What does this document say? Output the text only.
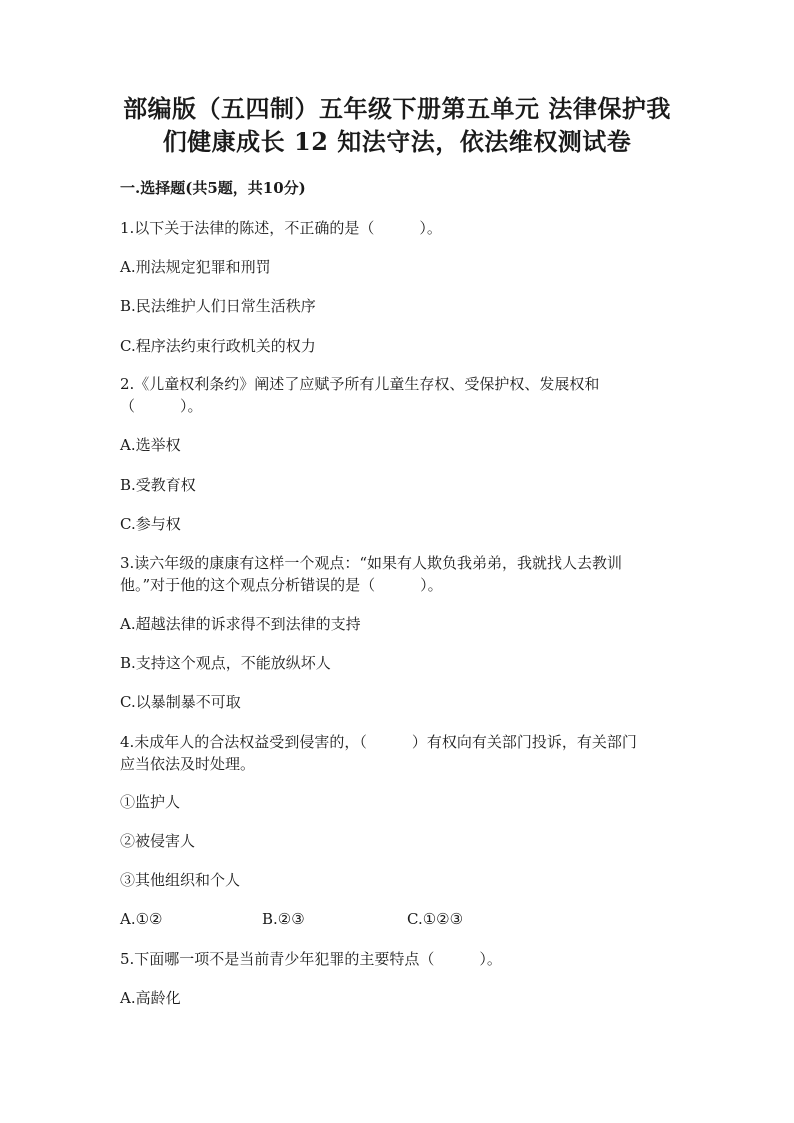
部编版（五四制）五年级下册第五单元 法律保护我
们健康成长 12 知法守法，依法维权测试卷
一.选择题(共5题，共10分)
1.以下关于法律的陈述，不正确的是（　　　）。
A.刑法规定犯罪和刑罚
B.民法维护人们日常生活秩序
C.程序法约束行政机关的权力
2.《儿童权利条约》阐述了应赋予所有儿童生存权、受保护权、发展权和
（　　　）。
A.选举权
B.受教育权
C.参与权
3.读六年级的康康有这样一个观点：“如果有人欺负我弟弟，我就找人去教训
他。”对于他的这个观点分析错误的是（　　　）。
A.超越法律的诉求得不到法律的支持
B.支持这个观点，不能放纵坏人
C.以暴制暴不可取
4.未成年人的合法权益受到侵害的，（　　　）有权向有关部门投诉，有关部门
应当依法及时处理。
①监护人
②被侵害人
③其他组织和个人
A.①②	B.②③	C.①②③
5.下面哪一项不是当前青少年犯罪的主要特点（　　　）。
A.高龄化
